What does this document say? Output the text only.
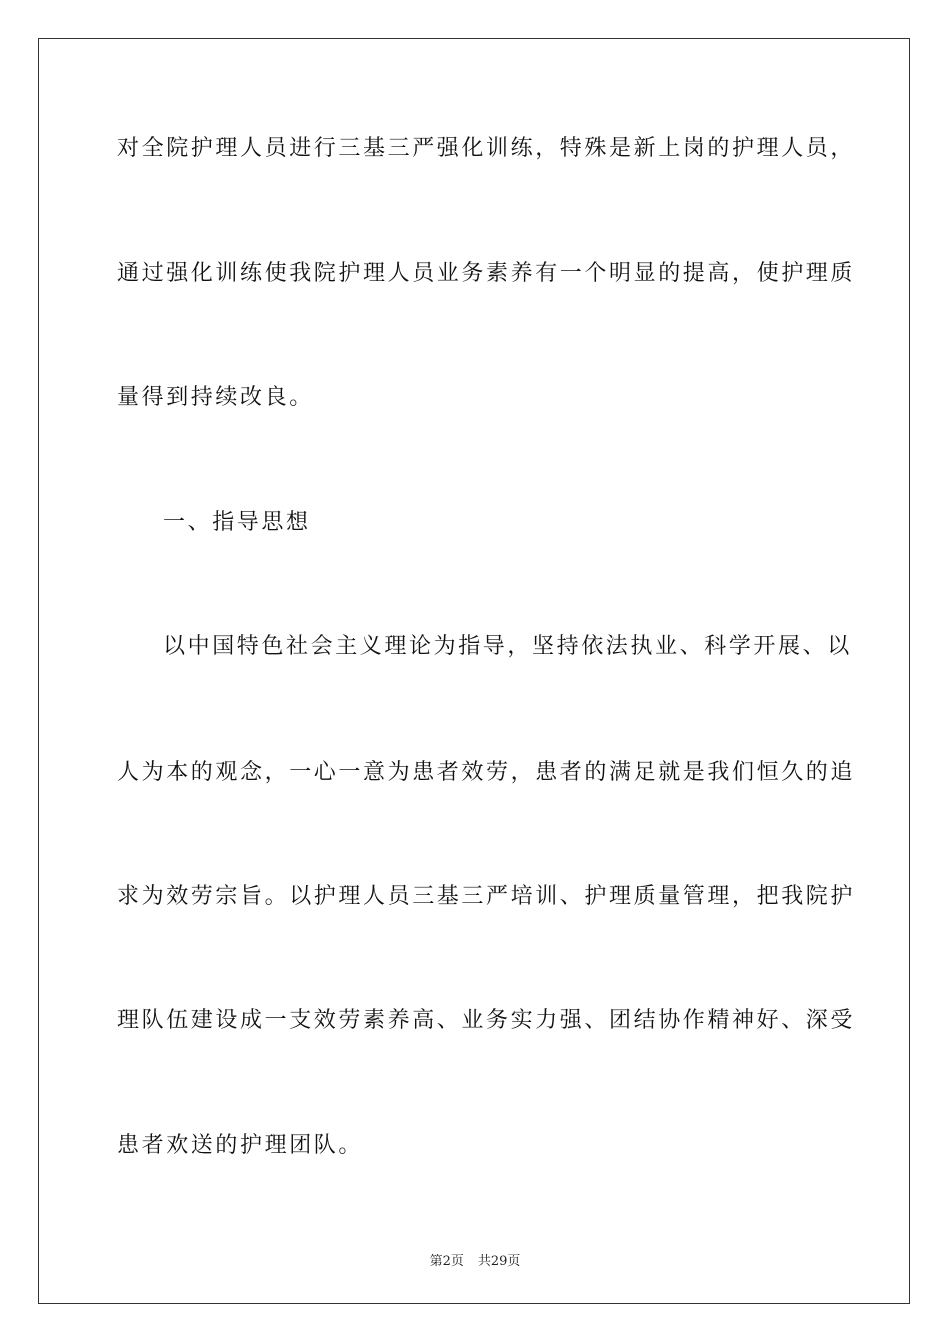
对全院护理人员进行三基三严强化训练，特殊是新上岗的护理人员，
通过强化训练使我院护理人员业务素养有一个明显的提高，使护理质
量得到持续改良。
一、指导思想
以中国特色社会主义理论为指导，坚持依法执业、科学开展、以
人为本的观念，一心一意为患者效劳，患者的满足就是我们恒久的追
求为效劳宗旨。以护理人员三基三严培训、护理质量管理，把我院护
理队伍建设成一支效劳素养高、业务实力强、团结协作精神好、深受
患者欢送的护理团队。
第2页 共29页
